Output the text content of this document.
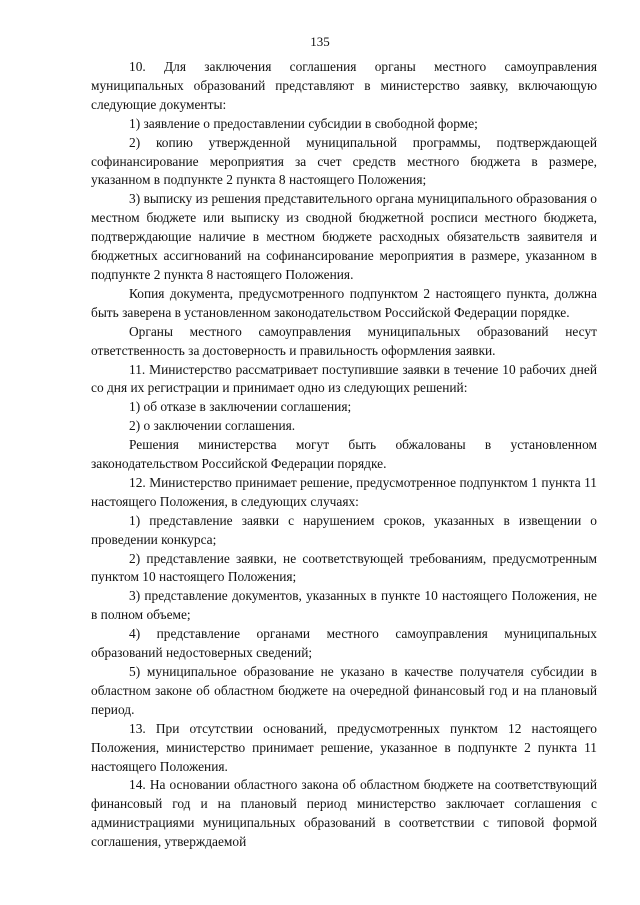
135

10. Для заключения соглашения органы местного самоуправления муниципальных образований представляют в министерство заявку, включающую следующие документы:

1) заявление о предоставлении субсидии в свободной форме;

2) копию утвержденной муниципальной программы, подтверждающей софинансирование мероприятия за счет средств местного бюджета в размере, указанном в подпункте 2 пункта 8 настоящего Положения;

3) выписку из решения представительного органа муниципального образования о местном бюджете или выписку из сводной бюджетной росписи местного бюджета, подтверждающие наличие в местном бюджете расходных обязательств заявителя и бюджетных ассигнований на софинансирование мероприятия в размере, указанном в подпункте 2 пункта 8 настоящего Положения.

Копия документа, предусмотренного подпунктом 2 настоящего пункта, должна быть заверена в установленном законодательством Российской Федерации порядке.

Органы местного самоуправления муниципальных образований несут ответственность за достоверность и правильность оформления заявки.

11. Министерство рассматривает поступившие заявки в течение 10 рабочих дней со дня их регистрации и принимает одно из следующих решений:

1) об отказе в заключении соглашения;

2) о заключении соглашения.

Решения министерства могут быть обжалованы в установленном законодательством Российской Федерации порядке.

12. Министерство принимает решение, предусмотренное подпунктом 1 пункта 11 настоящего Положения, в следующих случаях:

1) представление заявки с нарушением сроков, указанных в извещении о проведении конкурса;

2) представление заявки, не соответствующей требованиям, предусмотренным пунктом 10 настоящего Положения;

3) представление документов, указанных в пункте 10 настоящего Положения, не в полном объеме;

4) представление органами местного самоуправления муниципальных образований недостоверных сведений;

5) муниципальное образование не указано в качестве получателя субсидии в областном законе об областном бюджете на очередной финансовый год и на плановый период.

13. При отсутствии оснований, предусмотренных пунктом 12 настоящего Положения, министерство принимает решение, указанное в подпункте 2 пункта 11 настоящего Положения.

14. На основании областного закона об областном бюджете на соответствующий финансовый год и на плановый период министерство заключает соглашения с администрациями муниципальных образований в соответствии с типовой формой соглашения, утверждаемой
